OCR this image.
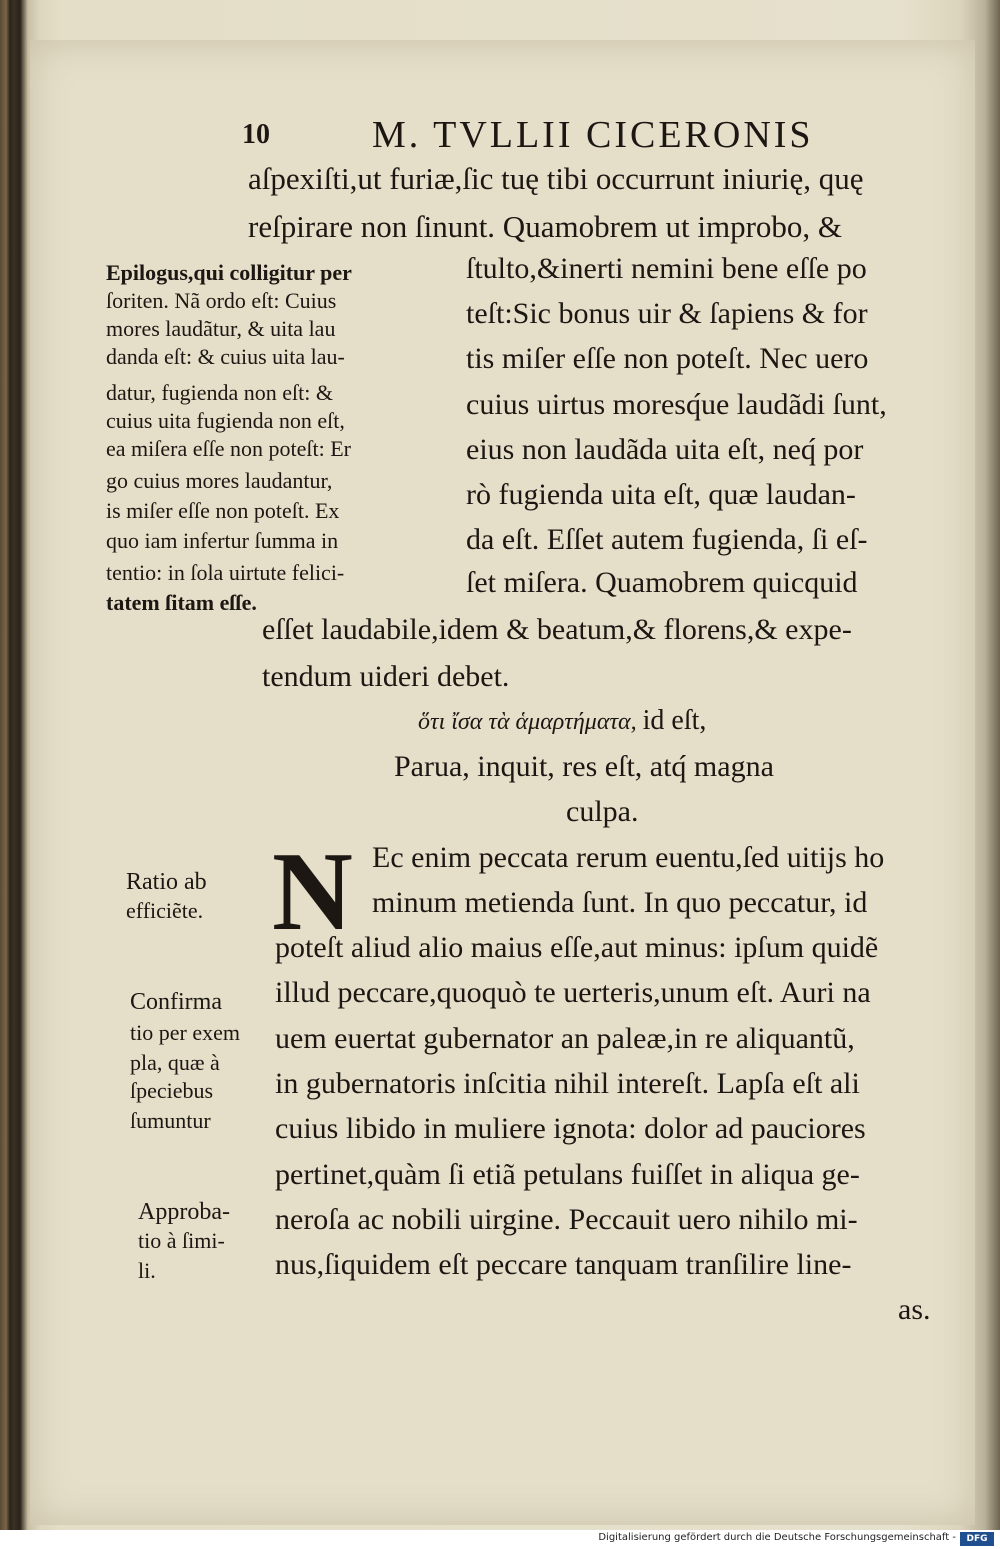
10	M. TVLLII CICERONIS
aſpexiſti,ut furiæ,ſic tuę tibi occurrunt iniurię, quę
reſpirare non ſinunt. Quamobrem ut improbo, &
ſtulto,&inerti nemini bene eſſe po
teſt:Sic bonus uir & ſapiens & for
tis miſer eſſe non poteſt. Nec uero
cuius uirtus moresq́ue laudãdi ſunt,
eius non laudãda uita eſt, neq́ por
rò fugienda uita eſt, quæ laudan-
da eſt. Eſſet autem fugienda, ſi eſ-
ſet miſera. Quamobrem quicquid
Epilogus,qui colligitur per
ſoriten. Nã ordo eſt: Cuius
mores laudãtur, & uita lau
danda eſt: & cuius uita lau-
datur, fugienda non eſt: &
cuius uita fugienda non eſt,
ea miſera eſſe non poteſt: Er
go cuius mores laudantur,
is miſer eſſe non poteſt. Ex
quo iam infertur ſumma in
tentio: in ſola uirtute felici-
tatem ſitam eſſe.
eſſet laudabile,idem & beatum,& florens,& expe-
tendum uideri debet.
ὅτι ἴσα τὰ ἁμαρτήματα, id eſt,
Parua, inquit, res eſt, atq́ magna
culpa.
N Ec enim peccata rerum euentu,ſed uitijs ho
minum metienda ſunt. In quo peccatur, id
poteſt aliud alio maius eſſe,aut minus: ipſum quidẽ
illud peccare,quoquò te uerteris,unum eſt. Auri na
uem euertat gubernator an paleæ,in re aliquantũ,
in gubernatoris inſcitia nihil intereſt. Lapſa eſt ali
cuius libido in muliere ignota: dolor ad pauciores
pertinet,quàm ſi etiã petulans fuiſſet in aliqua ge-
neroſa ac nobili uirgine. Peccauit uero nihilo mi-
nus,ſiquidem eſt peccare tanquam tranſilire line-
as.
Ratio ab
efficiẽte.
Confirma
tio per exem
pla, quæ à
ſpeciebus
ſumuntur
Approba-
tio à ſimi-
li.
Digitalisierung gefördert durch die Deutsche Forschungsgemeinschaft -	DFG
